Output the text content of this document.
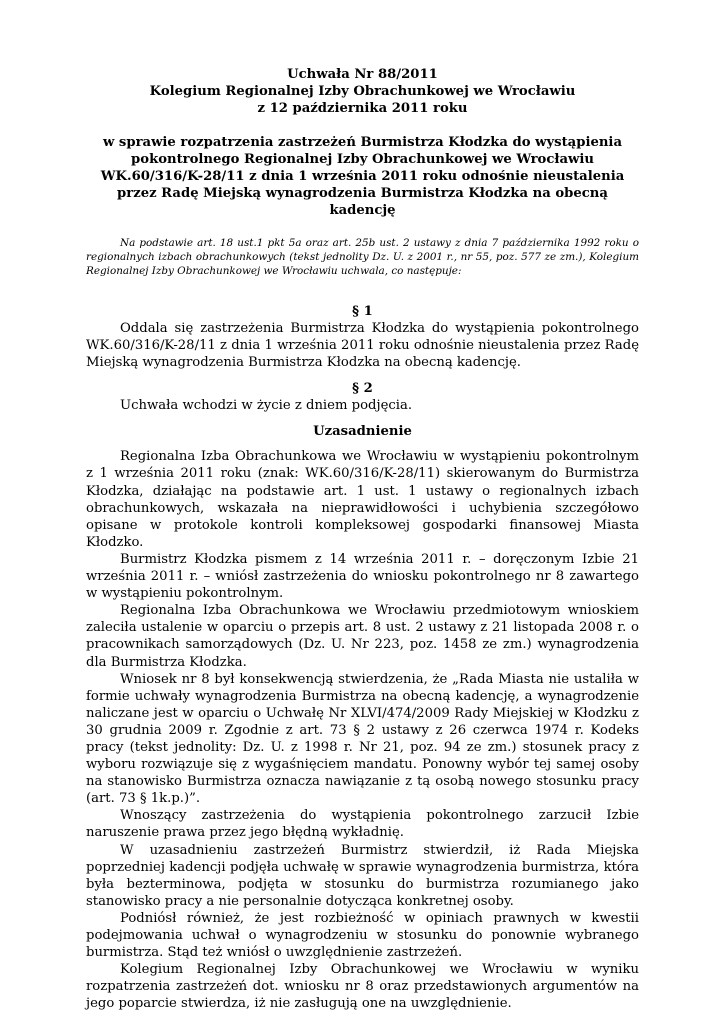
Uchwała Nr 88/2011

Kolegium Regionalnej Izby Obrachunkowej we Wrocławiu

z 12 października 2011 roku

w sprawie rozpatrzenia zastrzeżeń Burmistrza Kłodzka do wystąpienia pokontrolnego Regionalnej Izby Obrachunkowej we Wrocławiu WK.60/316/K-28/11 z dnia 1 września 2011 roku odnośnie nieustalenia przez Radę Miejską wynagrodzenia Burmistrza Kłodzka na obecną kadencję

Na podstawie art. 18 ust.1 pkt 5a oraz art. 25b ust. 2 ustawy z dnia 7 października 1992 roku o regionalnych izbach obrachunkowych (tekst jednolity Dz. U. z 2001 r., nr 55, poz. 577 ze zm.), Kolegium Regionalnej Izby Obrachunkowej we Wrocławiu uchwala, co następuje:

§ 1

Oddala się zastrzeżenia Burmistrza Kłodzka do wystąpienia pokontrolnego WK.60/316/K-28/11 z dnia 1 września 2011 roku odnośnie nieustalenia przez Radę Miejską wynagrodzenia Burmistrza Kłodzka na obecną kadencję.

§ 2

Uchwała wchodzi w życie z dniem podjęcia.

Uzasadnienie

Regionalna Izba Obrachunkowa we Wrocławiu w wystąpieniu pokontrolnym z 1 września 2011 roku (znak: WK.60/316/K-28/11) skierowanym do Burmistrza Kłodzka, działając na podstawie art. 1 ust. 1 ustawy o regionalnych izbach obrachunkowych, wskazała na nieprawidłowości i uchybienia szczegółowo opisane w protokole kontroli kompleksowej gospodarki finansowej Miasta Kłodzko.

Burmistrz Kłodzka pismem z 14 września 2011 r. – doręczonym Izbie 21 września 2011 r. – wniósł zastrzeżenia do wniosku pokontrolnego nr 8 zawartego w wystąpieniu pokontrolnym.

Regionalna Izba Obrachunkowa we Wrocławiu przedmiotowym wnioskiem zaleciła ustalenie w oparciu o przepis art. 8 ust. 2 ustawy z 21 listopada 2008 r. o pracownikach samorządowych (Dz. U. Nr 223, poz. 1458 ze zm.) wynagrodzenia dla Burmistrza Kłodzka.

Wniosek nr 8 był konsekwencją stwierdzenia, że „Rada Miasta nie ustaliła w formie uchwały wynagrodzenia Burmistrza na obecną kadencję, a wynagrodzenie naliczane jest w oparciu o Uchwałę Nr XLVI/474/2009 Rady Miejskiej w Kłodzku z 30 grudnia 2009 r. Zgodnie z art. 73 § 2 ustawy z 26 czerwca 1974 r. Kodeks pracy (tekst jednolity: Dz. U. z 1998 r. Nr 21, poz. 94 ze zm.) stosunek pracy z wyboru rozwiązuje się z wygaśnięciem mandatu. Ponowny wybór tej samej osoby na stanowisko Burmistrza oznacza nawiązanie z tą osobą nowego stosunku pracy (art. 73 § 1k.p.)”.

Wnoszący zastrzeżenia do wystąpienia pokontrolnego zarzucił Izbie naruszenie prawa przez jego błędną wykładnię.

W uzasadnieniu zastrzeżeń Burmistrz stwierdził, iż Rada Miejska poprzedniej kadencji podjęła uchwałę w sprawie wynagrodzenia burmistrza, która była bezterminowa, podjęta w stosunku do burmistrza rozumianego jako stanowisko pracy a nie personalnie dotycząca konkretnej osoby.

Podniósł również, że jest rozbieżność w opiniach prawnych w kwestii podejmowania uchwał o wynagrodzeniu w stosunku do ponownie wybranego burmistrza. Stąd też wniósł o uwzględnienie zastrzeżeń.

Kolegium Regionalnej Izby Obrachunkowej we Wrocławiu w wyniku rozpatrzenia zastrzeżeń dot. wniosku nr 8 oraz przedstawionych argumentów na jego poparcie stwierdza, iż nie zasługują one na uwzględnienie.
